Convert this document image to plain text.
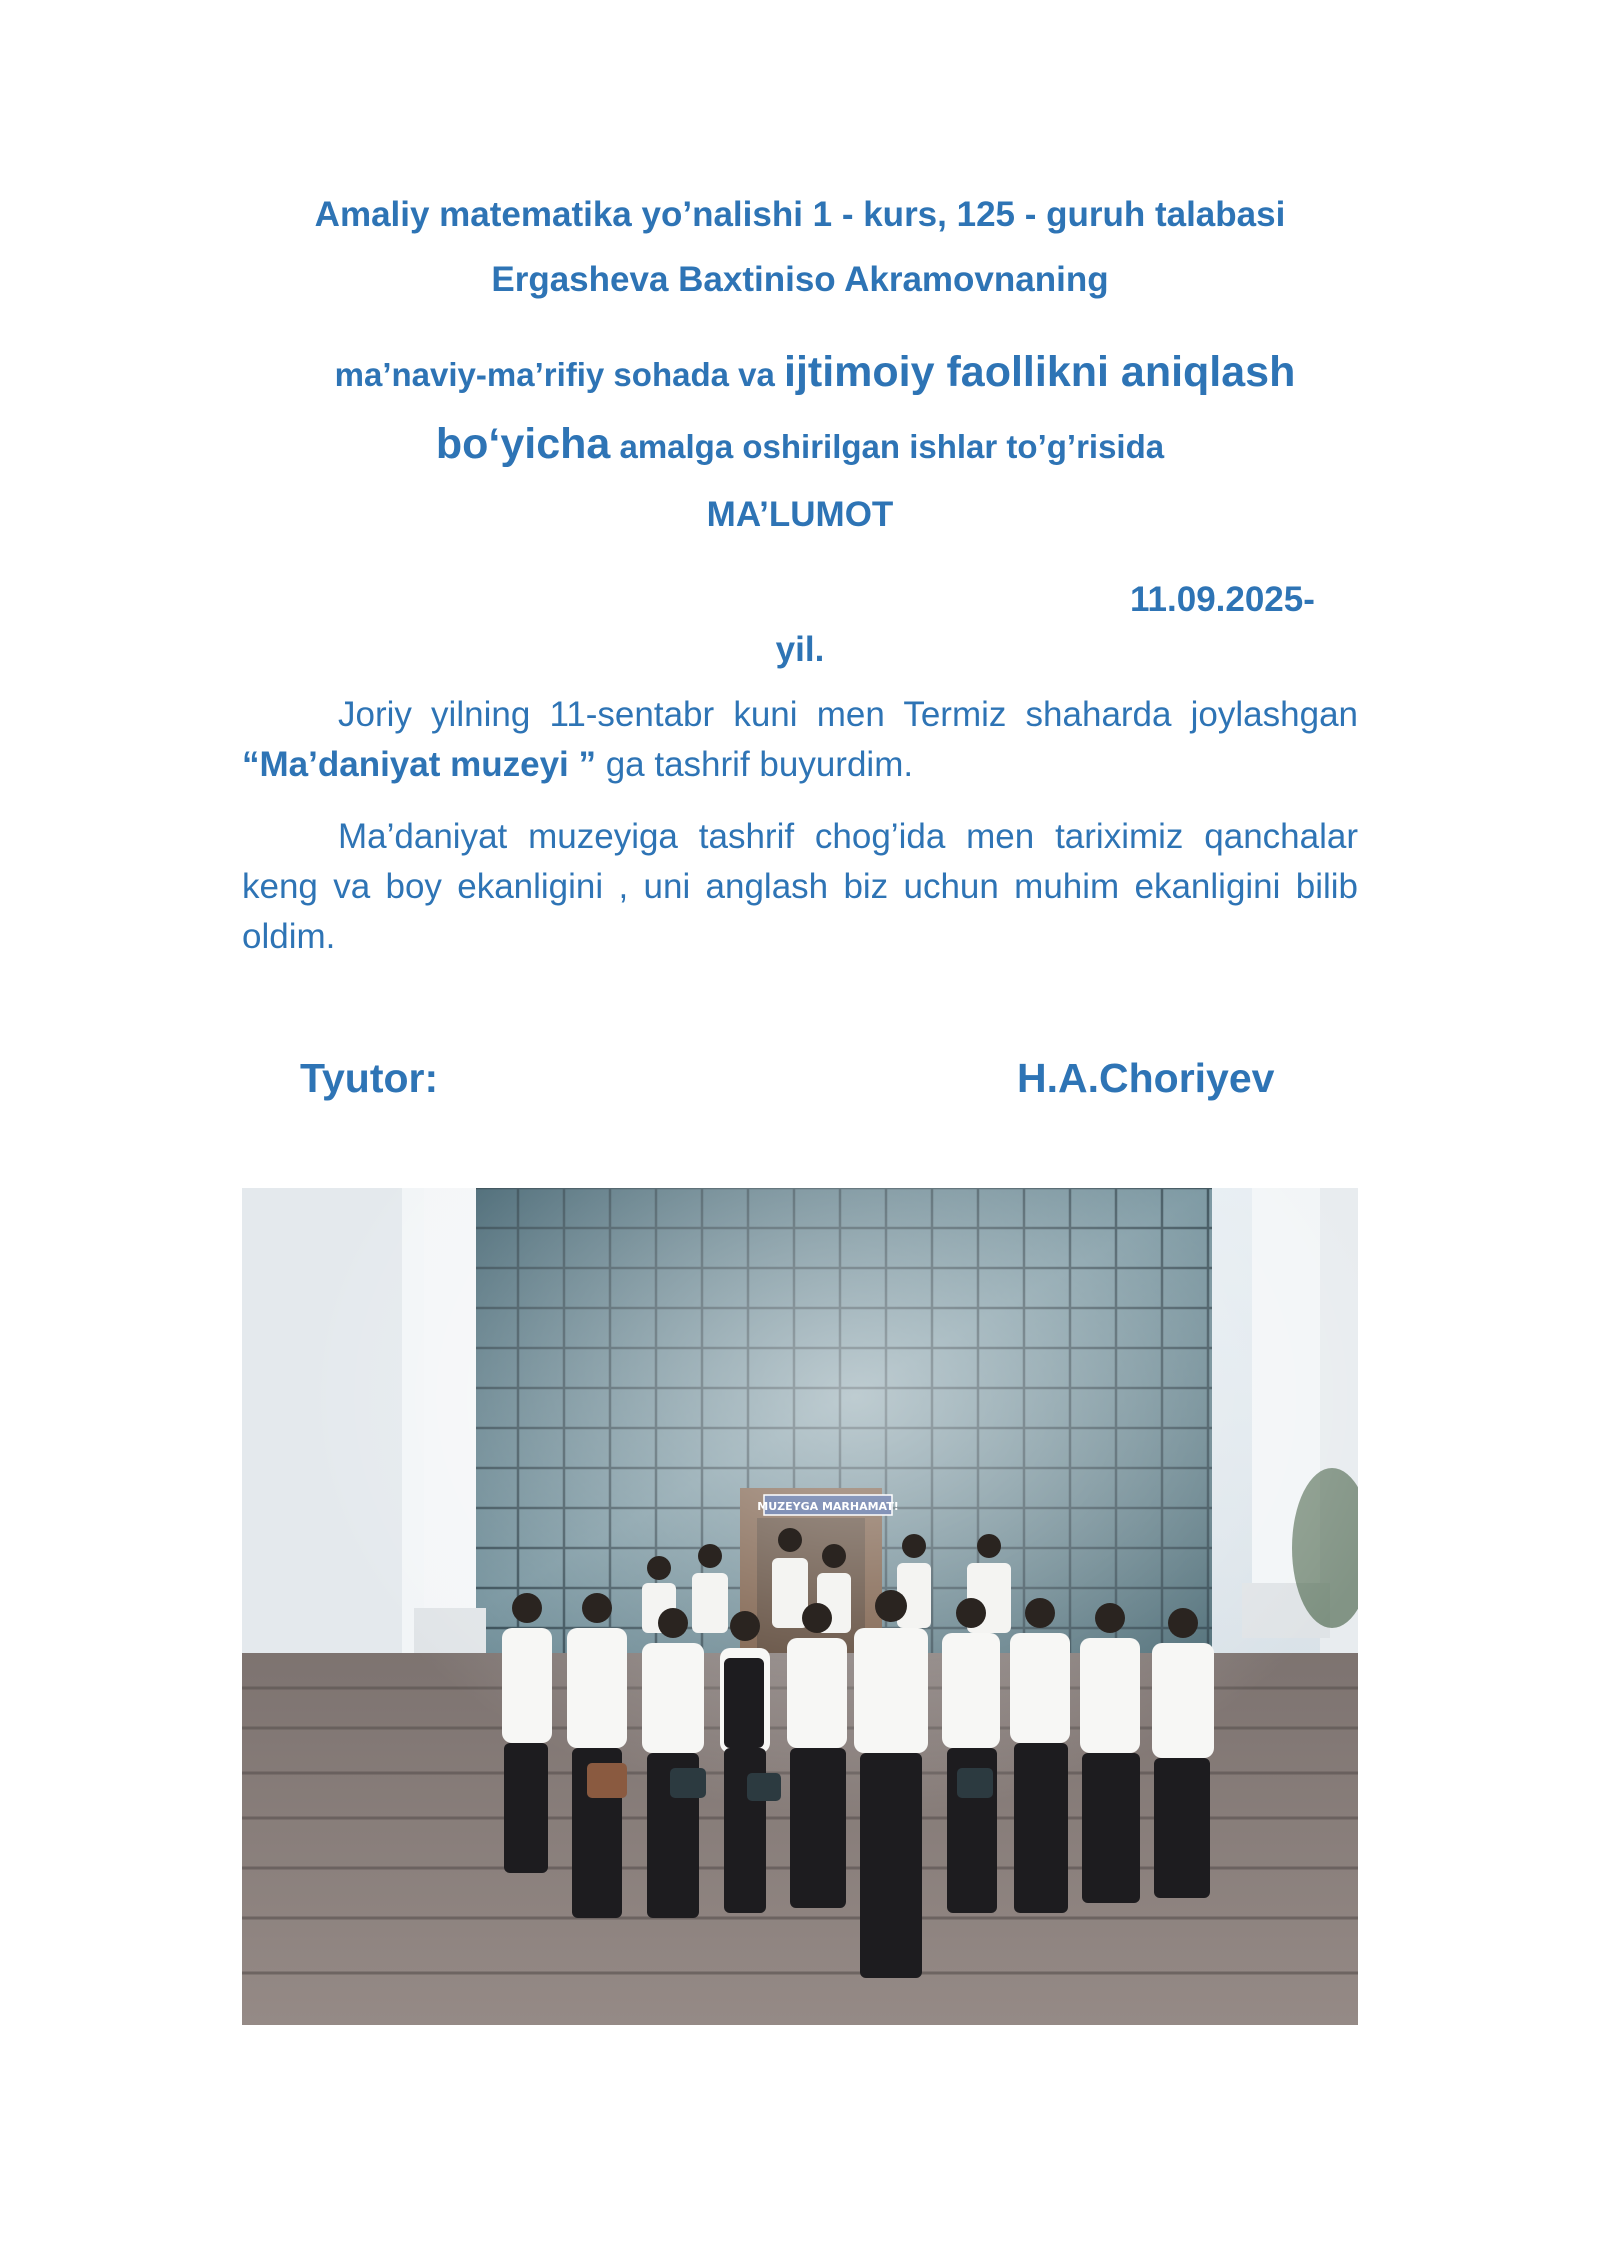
Amaliy matematika yo’nalishi 1 - kurs, 125 - guruh talabasi
Ergasheva Baxtiniso Akramovnaning
ma’naviy-ma’rifiy sohada va ijtimoiy faollikni aniqlash
bo‘yicha amalga oshirilgan ishlar to’g’risida
MA’LUMOT
11.09.2025-
yil.
Joriy yilning 11-sentabr kuni men Termiz shaharda joylashgan “Ma’daniyat muzeyi ” ga tashrif buyurdim.
Ma’daniyat muzeyiga tashrif chog’ida men tariximiz qanchalar keng va boy ekanligini , uni anglash biz uchun muhim ekanligini bilib oldim.
Tyutor:	H.A.Choriyev
